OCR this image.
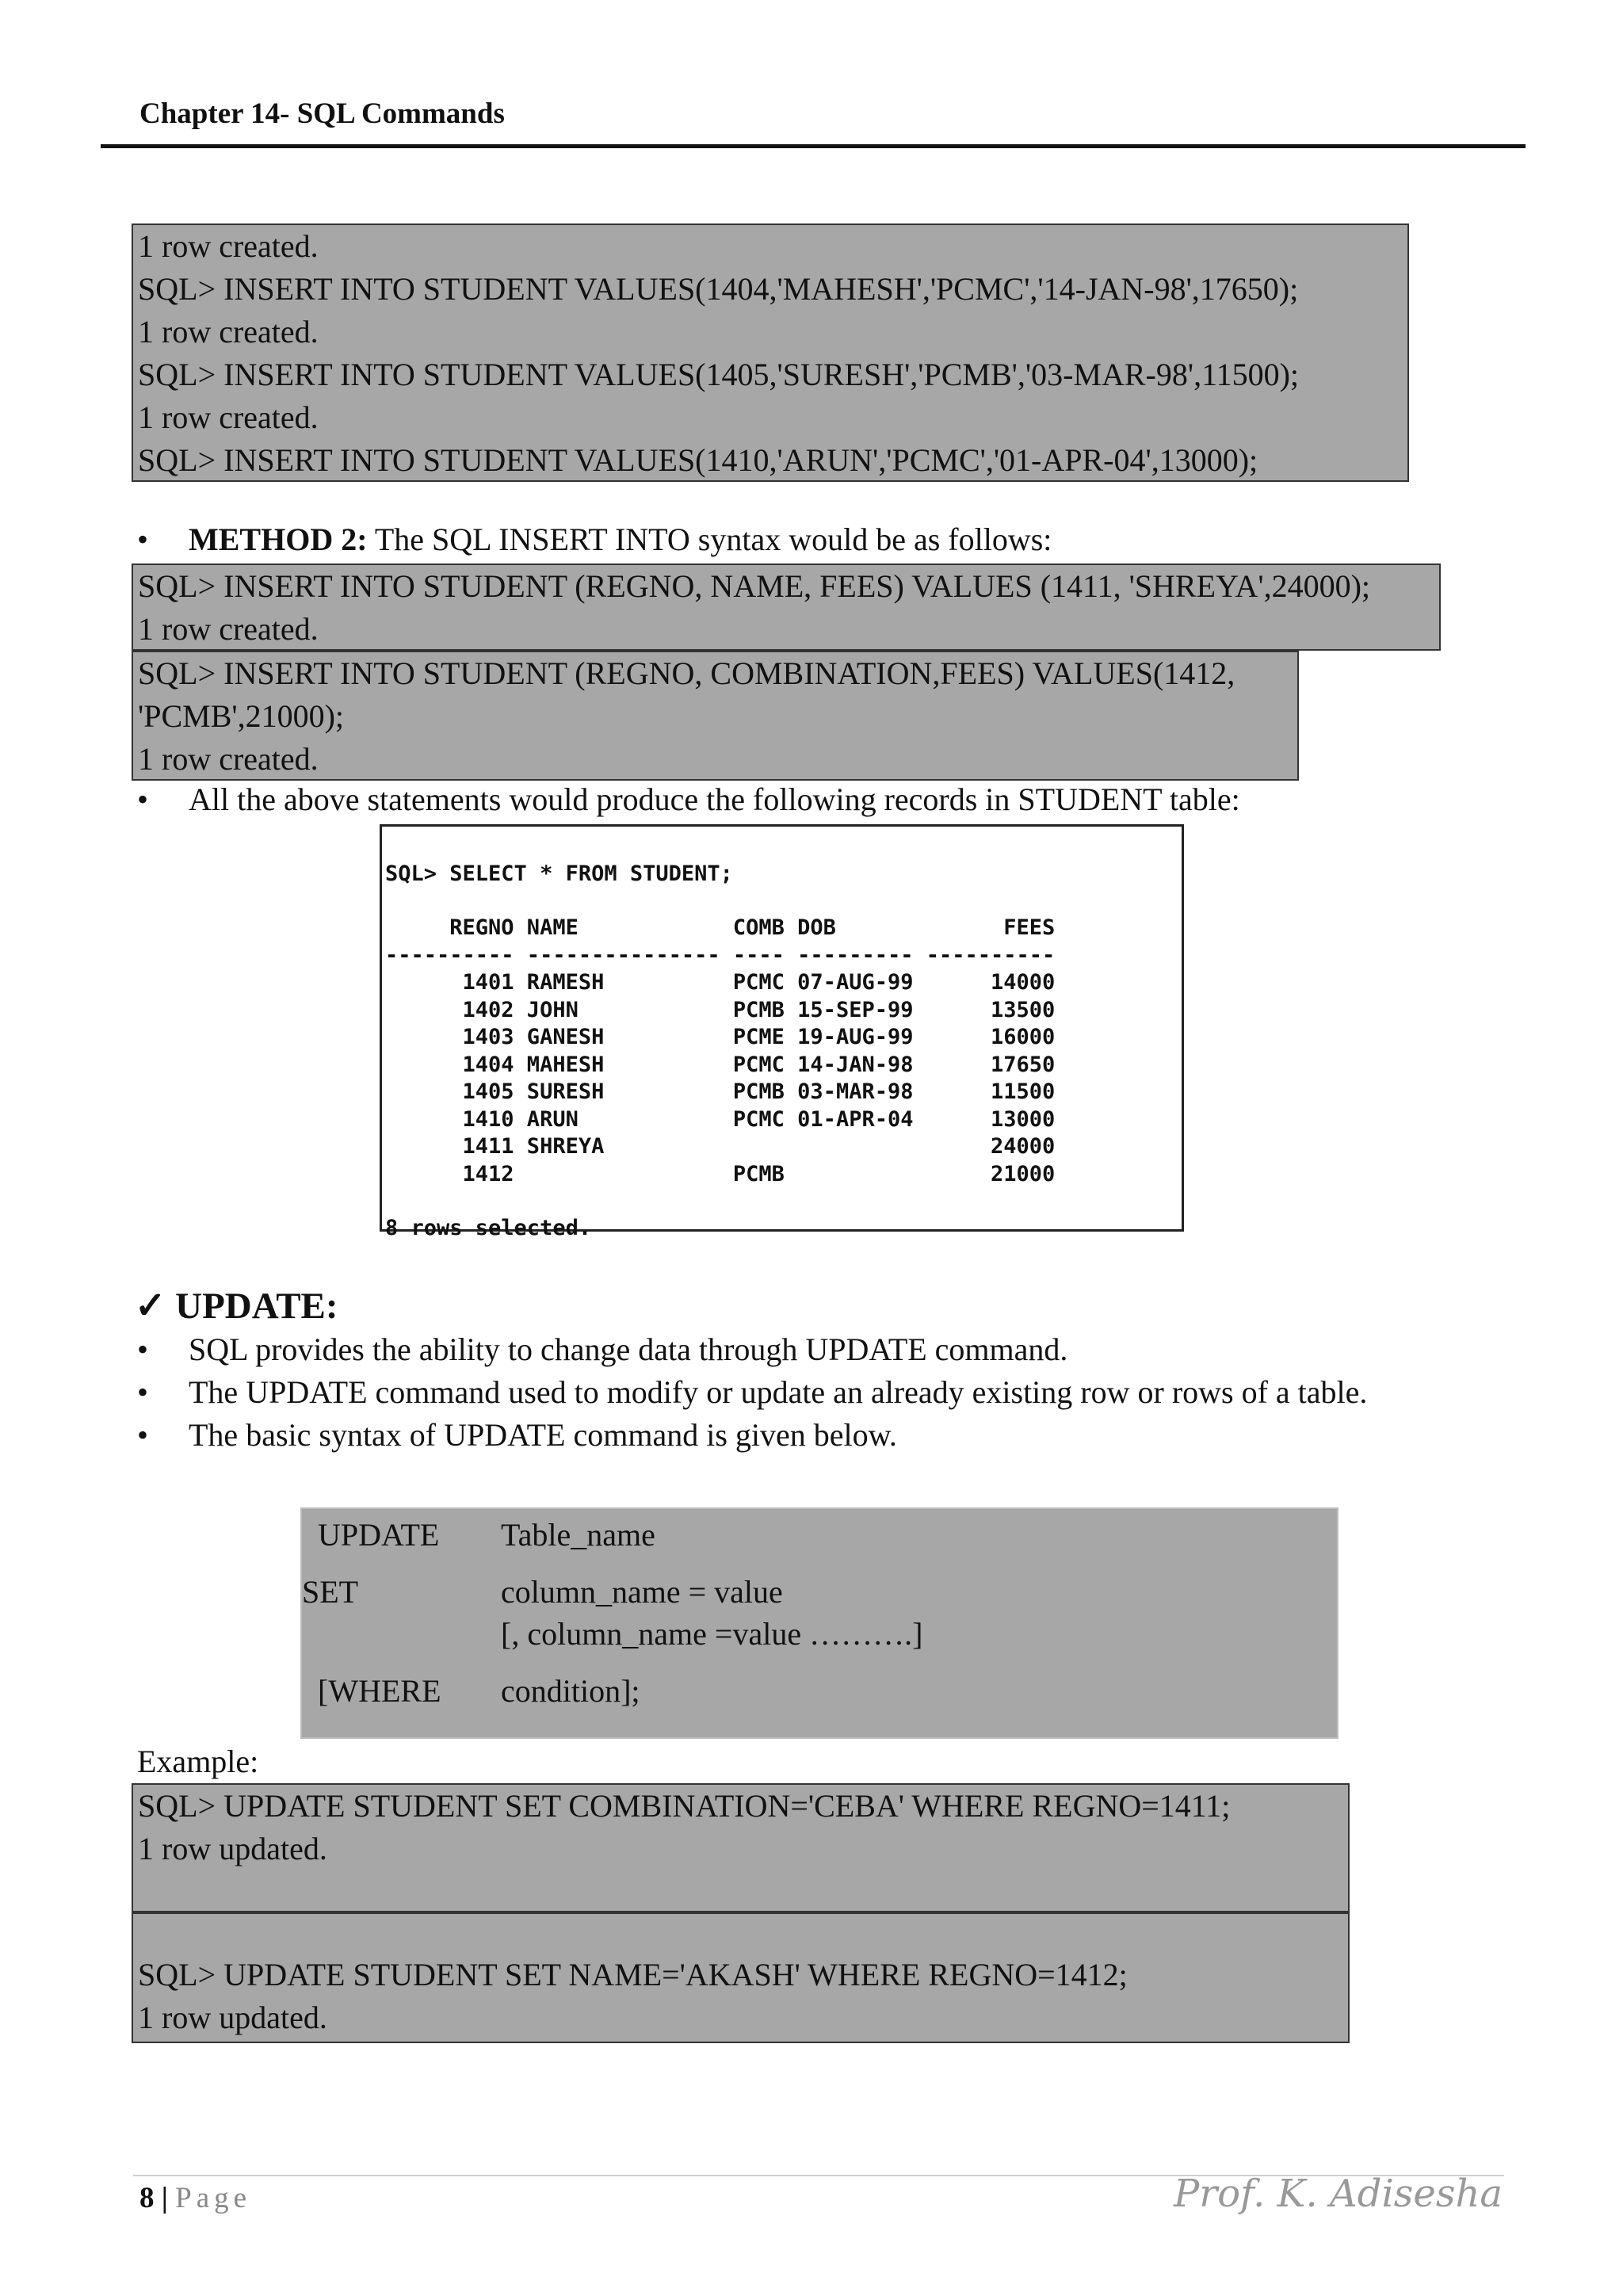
Chapter 14- SQL Commands
1 row created.
SQL> INSERT INTO STUDENT VALUES(1404,'MAHESH','PCMC','14-JAN-98',17650);
1 row created.
SQL> INSERT INTO STUDENT VALUES(1405,'SURESH','PCMB','03-MAR-98',11500);
1 row created.
SQL> INSERT INTO STUDENT VALUES(1410,'ARUN','PCMC','01-APR-04',13000);
• METHOD 2: The SQL INSERT INTO syntax would be as follows:
SQL> INSERT INTO STUDENT (REGNO, NAME, FEES) VALUES (1411, 'SHREYA',24000);
1 row created.
SQL> INSERT INTO STUDENT (REGNO, COMBINATION,FEES) VALUES(1412,
'PCMB',21000);
1 row created.
• All the above statements would produce the following records in STUDENT table:

SQL> SELECT * FROM STUDENT;
REGNO NAME            COMB DOB             FEES
---------- --------------- ---- --------- ----------
1401 RAMESH          PCMC 07-AUG-99      14000
1402 JOHN            PCMB 15-SEP-99      13500
1403 GANESH          PCME 19-AUG-99      16000
1404 MAHESH          PCMC 14-JAN-98      17650
1405 SURESH          PCMB 03-MAR-98      11500
1410 ARUN            PCMC 01-APR-04      13000
1411 SHREYA                              24000
1412                 PCMB                21000
8 rows selected.

✓ UPDATE:
• SQL provides the ability to change data through UPDATE command.
• The UPDATE command used to modify or update an already existing row or rows of a table.
• The basic syntax of UPDATE command is given below.
UPDATE Table_name
SET	column_name = value
[, column_name =value ……….]
[WHERE condition];
Example:
SQL> UPDATE STUDENT SET COMBINATION='CEBA' WHERE REGNO=1411;
1 row updated.
SQL> UPDATE STUDENT SET NAME='AKASH' WHERE REGNO=1412;
1 row updated.
8 | Page	Prof. K. Adisesha
